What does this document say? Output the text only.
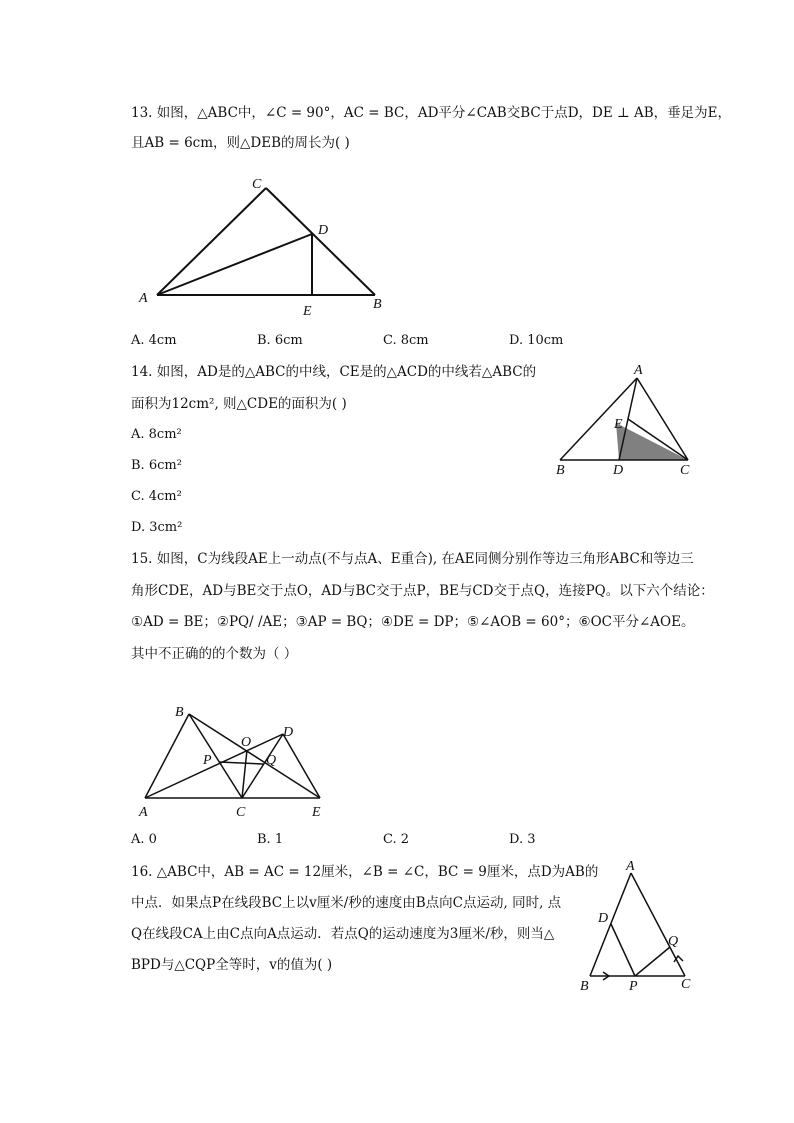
13. 如图，△ABC中，∠C = 90°，AC = BC，AD平分∠CAB交BC于点D，DE ⊥ AB，垂足为E，
且AB = 6cm，则△DEB的周长为( )
C
D
A
E	B
A. 4cm	B. 6cm	C. 8cm	D. 10cm
14. 如图，AD是的△ABC的中线，CE是的△ACD的中线若△ABC的
面积为12cm², 则△CDE的面积为( )
A. 8cm²
B. 6cm²
C. 4cm²
D. 3cm²
A
E
B	D	C
15. 如图，C为线段AE上一动点(不与点A、E重合), 在AE同侧分别作等边三角形ABC和等边三
角形CDE，AD与BE交于点O，AD与BC交于点P，BE与CD交于点Q，连接PQ。以下六个结论：
①AD = BE；②PQ/ /AE；③AP = BQ；④DE = DP；⑤∠AOB = 60°；⑥OC平分∠AOE。
其中不正确的的个数为（ ）
B
O
D
P	Q
A	C	E
A. 0	B. 1	C. 2	D. 3
16. △ABC中，AB = AC = 12厘米，∠B = ∠C，BC = 9厘米，点D为AB的
中点．如果点P在线段BC上以v厘米/秒的速度由B点向C点运动, 同时, 点
Q在线段CA上由C点向A点运动．若点Q的运动速度为3厘米/秒，则当△
BPD与△CQP全等时，v的值为( )
A
D
Q
B	P	C
